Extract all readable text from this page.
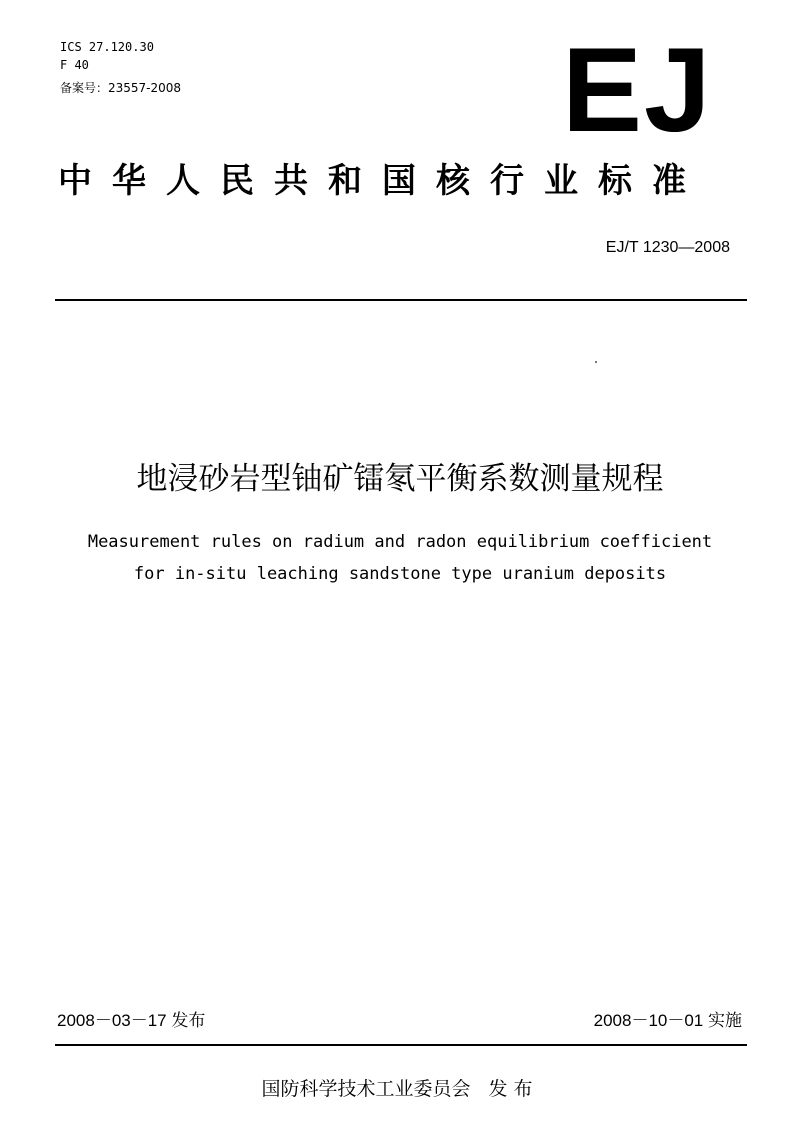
ICS 27.120.30
F 40
备案号：23557-2008	EJ
中华人民共和国核行业标准
EJ/T 1230—2008
地浸砂岩型铀矿镭氡平衡系数测量规程
Measurement rules on radium and radon equilibrium coefficient
for in-situ leaching sandstone type uranium deposits
2008－03－17 发布	2008－10－01 实施
国防科学技术工业委员会 发布
